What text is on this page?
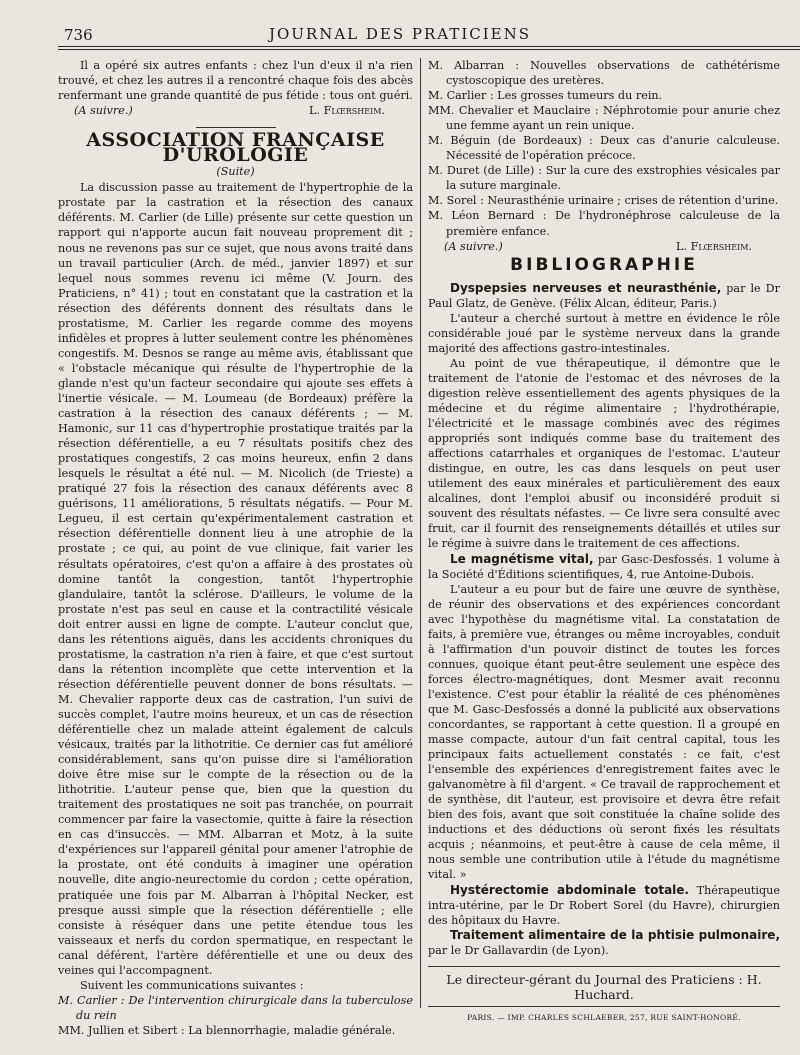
736	JOURNAL DES PRATICIENS

Il a opéré six autres enfants : chez l'un d'eux il n'a rien trouvé, et chez les autres il a rencontré chaque fois des abcès renfermant une grande quantité de pus fétide : tous ont guéri.

(A suivre.)	L. Flœrsheim.
ASSOCIATION FRANÇAISE D'UROLOGIE
(Suite)

La discussion passe au traitement de l'hypertrophie de la prostate par la castration et la résection des canaux déférents. M. Carlier (de Lille) présente sur cette question un rapport qui n'apporte aucun fait nouveau proprement dit ; nous ne revenons pas sur ce sujet, que nous avons traité dans un travail particulier (Arch. de méd., janvier 1897) et sur lequel nous sommes revenu ici même (V. Journ. des Praticiens, n° 41) ; tout en constatant que la castration et la résection des déférents donnent des résultats dans le prostatisme, M. Carlier les regarde comme des moyens infidèles et propres à lutter seulement contre les phénomènes congestifs. M. Desnos se range au même avis, établissant que « l'obstacle mécanique qui résulte de l'hypertrophie de la glande n'est qu'un facteur secondaire qui ajoute ses effets à l'inertie vésicale. — M. Loumeau (de Bordeaux) préfère la castration à la résection des canaux déférents ; — M. Hamonic, sur 11 cas d'hypertrophie prostatique traités par la résection déférentielle, a eu 7 résultats positifs chez des prostatiques congestifs, 2 cas moins heureux, enfin 2 dans lesquels le résultat a été nul. — M. Nicolich (de Trieste) a pratiqué 27 fois la résection des canaux déférents avec 8 guérisons, 11 améliorations, 5 résultats négatifs. — Pour M. Legueu, il est certain qu'expérimentalement castration et résection déférentielle donnent lieu à une atrophie de la prostate ; ce qui, au point de vue clinique, fait varier les résultats opératoires, c'est qu'on a affaire à des prostates où domine tantôt la congestion, tantôt l'hypertrophie glandulaire, tantôt la sclérose. D'ailleurs, le volume de la prostate n'est pas seul en cause et la contractilité vésicale doit entrer aussi en ligne de compte. L'auteur conclut que, dans les rétentions aiguës, dans les accidents chroniques du prostatisme, la castration n'a rien à faire, et que c'est surtout dans la rétention incomplète que cette intervention et la résection déférentielle peuvent donner de bons résultats. — M. Chevalier rapporte deux cas de castration, l'un suivi de succès complet, l'autre moins heureux, et un cas de résection déférentielle chez un malade atteint également de calculs vésicaux, traités par la lithotritie. Ce dernier cas fut amélioré considérablement, sans qu'on puisse dire si l'amélioration doive être mise sur le compte de la résection ou de la lithotritie. L'auteur pense que, bien que la question du traitement des prostatiques ne soit pas tranchée, on pourrait commencer par faire la vasectomie, quitte à faire la résection en cas d'insuccès. — MM. Albarran et Motz, à la suite d'expériences sur l'appareil génital pour amener l'atrophie de la prostate, ont été conduits à imaginer une opération nouvelle, dite angio-neurectomie du cordon ; cette opération, pratiquée une fois par M. Albarran à l'hôpital Necker, est presque aussi simple que la résection déférentielle ; elle consiste à réséquer dans une petite étendue tous les vaisseaux et nerfs du cordon spermatique, en respectant le canal déférent, l'artère déférentielle et une ou deux des veines qui l'accompagnent.

Suivent les communications suivantes :

M. Carlier : De l'intervention chirurgicale dans la tuberculose du rein

MM. Jullien et Sibert : La blennorrhagie, maladie générale.

M. Albarran : Nouvelles observations de cathétérisme cystoscopique des uretères.

M. Carlier : Les grosses tumeurs du rein.

MM. Chevalier et Mauclaire : Néphrotomie pour anurie chez une femme ayant un rein unique.

M. Béguin (de Bordeaux) : Deux cas d'anurie calculeuse. Nécessité de l'opération précoce.

M. Duret (de Lille) : Sur la cure des exstrophies vésicales par la suture marginale.

M. Sorel : Neurasthénie urinaire ; crises de rétention d'urine.

M. Léon Bernard : De l'hydronéphrose calculeuse de la première enfance.

(A suivre.)	L. Flœrsheim.
BIBLIOGRAPHIE

Dyspepsies nerveuses et neurasthénie, par le Dr Paul Glatz, de Genève. (Félix Alcan, éditeur, Paris.)

L'auteur a cherché surtout à mettre en évidence le rôle considérable joué par le système nerveux dans la grande majorité des affections gastro-intestinales.

Au point de vue thérapeutique, il démontre que le traitement de l'atonie de l'estomac et des névroses de la digestion relève essentiellement des agents physiques de la médecine et du régime alimentaire ; l'hydrothérapie, l'électricité et le massage combinés avec des régimes appropriés sont indiqués comme base du traitement des affections catarrhales et organiques de l'estomac. L'auteur distingue, en outre, les cas dans lesquels on peut user utilement des eaux minérales et particulièrement des eaux alcalines, dont l'emploi abusif ou inconsidéré produit si souvent des résultats néfastes. — Ce livre sera consulté avec fruit, car il fournit des renseignements détaillés et utiles sur le régime à suivre dans le traitement de ces affections.

Le magnétisme vital, par Gasc-Desfossés. 1 volume à la Société d'Éditions scientifiques, 4, rue Antoine-Dubois.

L'auteur a eu pour but de faire une œuvre de synthèse, de réunir des observations et des expériences concordant avec l'hypothèse du magnétisme vital. La constatation de faits, à première vue, étranges ou même incroyables, conduit à l'affirmation d'un pouvoir distinct de toutes les forces connues, quoique étant peut-être seulement une espèce des forces électro-magnétiques, dont Mesmer avait reconnu l'existence. C'est pour établir la réalité de ces phénomènes que M. Gasc-Desfossés a donné la publicité aux observations concordantes, se rapportant à cette question. Il a groupé en masse compacte, autour d'un fait central capital, tous les principaux faits actuellement constatés : ce fait, c'est l'ensemble des expériences d'enregistrement faites avec le galvanomètre à fil d'argent. « Ce travail de rapprochement et de synthèse, dit l'auteur, est provisoire et devra être refait bien des fois, avant que soit constituée la chaîne solide des inductions et des déductions où seront fixés les résultats acquis ; néanmoins, et peut-être à cause de cela même, il nous semble une contribution utile à l'étude du magnétisme vital. »

Hystérectomie abdominale totale. Thérapeutique intra-utérine, par le Dr Robert Sorel (du Havre), chirurgien des hôpitaux du Havre.

Traitement alimentaire de la phtisie pulmonaire, par le Dr Gallavardin (de Lyon).

Le directeur-gérant du Journal des Praticiens : H. Huchard.
PARIS. — IMP. CHARLES SCHLAEBER, 257, RUE SAINT-HONORÉ.
